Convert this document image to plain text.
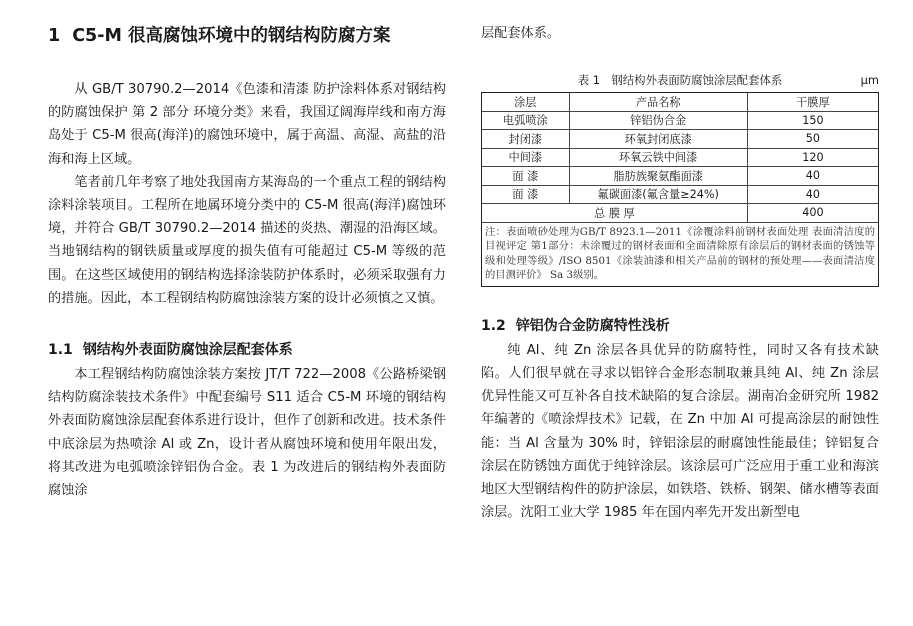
1 C5-M 很高腐蚀环境中的钢结构防腐方案

从 GB/T 30790.2—2014《色漆和清漆 防护涂料体系对钢结构的防腐蚀保护 第 2 部分 环境分类》来看，我国辽阔海岸线和南方海岛处于 C5-M 很高(海洋)的腐蚀环境中，属于高温、高湿、高盐的沿海和海上区域。

笔者前几年考察了地处我国南方某海岛的一个重点工程的钢结构涂料涂装项目。工程所在地属环境分类中的 C5-M 很高(海洋)腐蚀环境，并符合 GB/T 30790.2—2014 描述的炎热、潮湿的沿海区域。当地钢结构的钢铁质量或厚度的损失值有可能超过 C5-M 等级的范围。在这些区域使用的钢结构选择涂装防护体系时，必须采取强有力的措施。因此，本工程钢结构防腐蚀涂装方案的设计必须慎之又慎。

1.1 钢结构外表面防腐蚀涂层配套体系

本工程钢结构防腐蚀涂装方案按 JT/T 722—2008《公路桥梁钢结构防腐涂装技术条件》中配套编号 S11 适合 C5-M 环境的钢结构外表面防腐蚀涂层配套体系进行设计，但作了创新和改进。技术条件中底涂层为热喷涂 Al 或 Zn，设计者从腐蚀环境和使用年限出发，将其改进为电弧喷涂锌铝伪合金。表 1 为改进后的钢结构外表面防腐蚀涂

层配套体系。

表 1　钢结构外表面防腐蚀涂层配套体系	μm
涂层	产品名称	干膜厚
电弧喷涂	锌铝伪合金	150
封闭漆	环氧封闭底漆	50
中间漆	环氧云铁中间漆	120
面 漆	脂肪族聚氨酯面漆	40
面 漆	氟碳面漆(氟含量≥24%)	40
总 膜 厚		400
注：表面喷砂处理为GB/T 8923.1—2011《涂覆涂料前钢材表面处理 表面清洁度的目视评定 第1部分：未涂覆过的钢材表面和全面清除原有涂层后的钢材表面的锈蚀等级和处理等级》/ISO 8501《涂装油漆和相关产品前的钢材的预处理——表面清洁度的目测评价》 Sa 3级别。
1.2 锌铝伪合金防腐特性浅析

纯 Al、纯 Zn 涂层各具优异的防腐特性，同时又各有技术缺陷。人们很早就在寻求以铝锌合金形态制取兼具纯 Al、纯 Zn 涂层优异性能又可互补各自技术缺陷的复合涂层。湖南冶金研究所 1982 年编著的《喷涂焊技术》记载，在 Zn 中加 Al 可提高涂层的耐蚀性能：当 Al 含量为 30% 时，锌铝涂层的耐腐蚀性能最佳；锌铝复合涂层在防锈蚀方面优于纯锌涂层。该涂层可广泛应用于重工业和海滨地区大型钢结构件的防护涂层，如铁塔、铁桥、钢架、储水槽等表面涂层。沈阳工业大学 1985 年在国内率先开发出新型电
